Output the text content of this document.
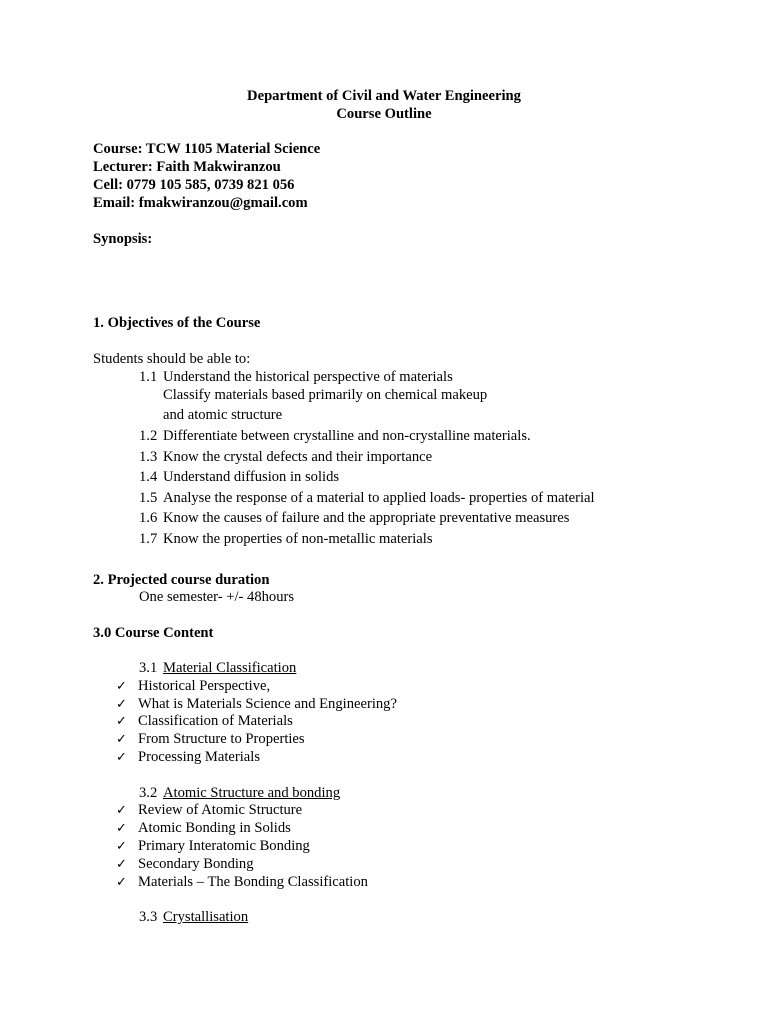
Department of Civil and Water Engineering
Course Outline
Course: TCW 1105 Material Science
Lecturer: Faith Makwiranzou
Cell: 0779 105 585, 0739 821 056
Email: fmakwiranzou@gmail.com
Synopsis:
1. Objectives of the Course
Students should be able to:
1.1 Understand the historical perspective of materials
Classify materials based primarily on chemical makeup
and atomic structure
1.2 Differentiate between crystalline and non-crystalline materials.
1.3 Know the crystal defects and their importance
1.4 Understand diffusion in solids
1.5 Analyse the response of a material to applied loads- properties of material
1.6 Know the causes of failure and the appropriate preventative measures
1.7 Know the properties of non-metallic materials
2. Projected course duration
One semester- +/- 48hours
3.0 Course Content
3.1 Material Classification
✓ Historical Perspective,
✓ What is Materials Science and Engineering?
✓ Classification of Materials
✓ From Structure to Properties
✓ Processing Materials
3.2 Atomic Structure and bonding
✓ Review of Atomic Structure
✓ Atomic Bonding in Solids
✓ Primary Interatomic Bonding
✓ Secondary Bonding
✓ Materials – The Bonding Classification
3.3 Crystallisation
